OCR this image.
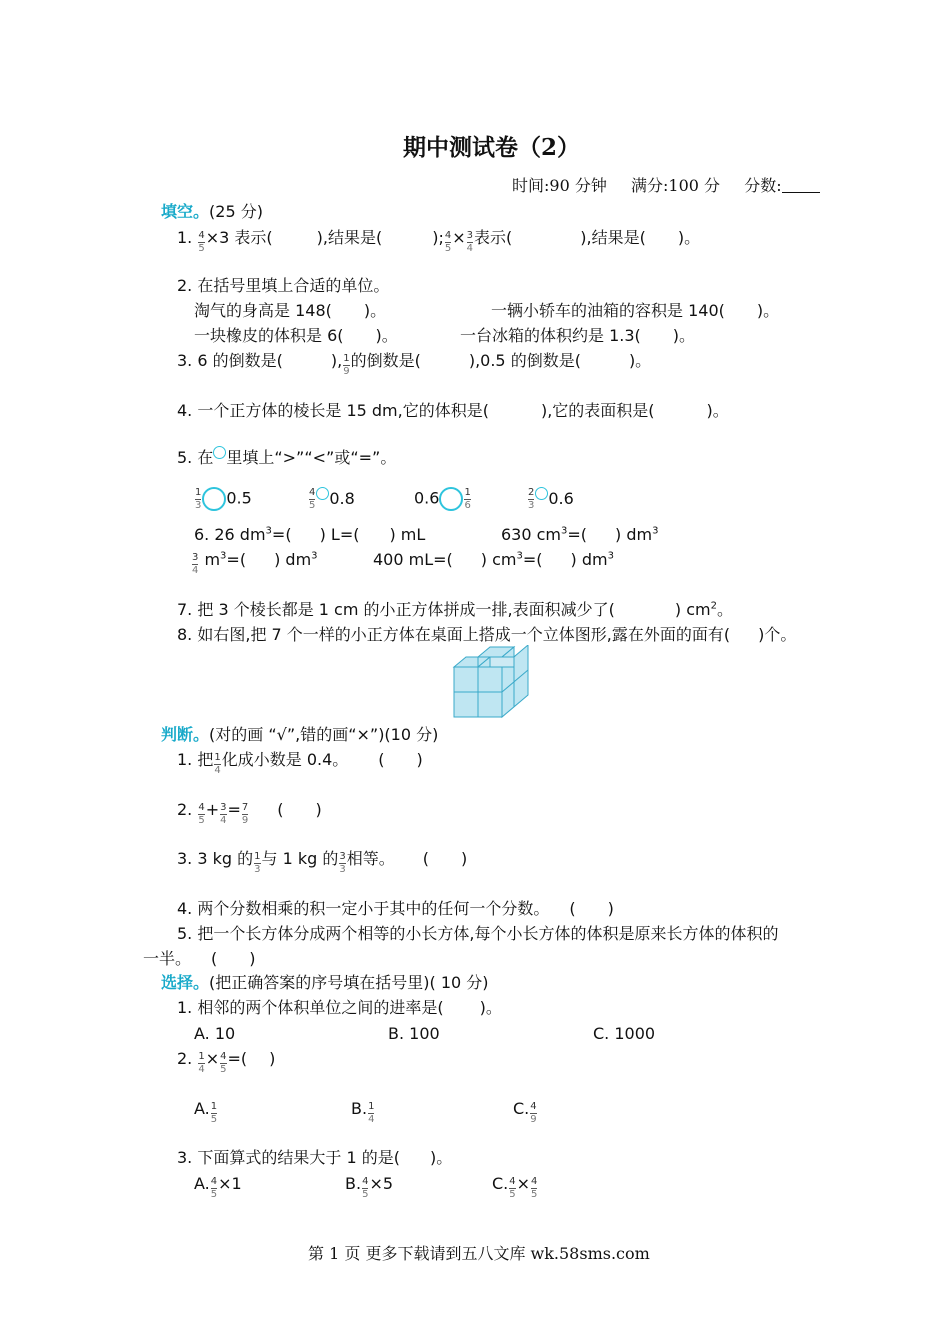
期中测试卷（2）
时间:90 分钟 满分:100 分 分数:
填空。(25 分)
1. $\frac{4}{5} \times 3$ 表示(	),结果是(	); $\frac{4}{5} \times \frac{3}{4}$ 表示(	),结果是( )。
2. 在括号里填上合适的单位。
淘气的身高是 148( )。	一辆小轿车的油箱的容积是 140( )。
一块橡皮的体积是 6( )。	一台冰箱的体积约是 1.3( )。
3. 6 的倒数是(	), $\frac{1}{9}$ 的倒数是(	),0.5 的倒数是(	)。
4. 一个正方体的棱长是 15 dm,它的体积是(	),它的表面积是(	)。
5. 在 里填上“>”“<”或“=”。
$\frac{1}{3} 0.5$	$\frac{4}{5} 0.8$	0.6	$\frac{1}{6}$	$\frac{2}{3} 0.6$
6. 26 $dm^3=$( ) L=( ) mL	630 $cm^3=$( ) $dm^3$
$\frac{3}{4} m^3=$( ) $dm^3$	400 mL=( ) $cm^3=$( ) $dm^3$
7. 把 3 个棱长都是 1 cm 的小正方体拼成一排,表面积减少了(	) $cm^2$。
8. 如右图,把 7 个一样的小正方体在桌面上搭成一个立体图形,露在外面的面有( )个。
判断。(对的画 “√”,错的画“×”)(10 分)
1. 把 $\frac{1}{4}$ 化成小数是 0.4。 (　　)
2. $\frac{4}{5} + \frac{3}{4} = \frac{7}{9}$ (　　)
3. 3 kg 的 $\frac{1}{3}$ 与 1 kg 的 $\frac{3}{3}$ 相等。 (　　)
4. 两个分数相乘的积一定小于其中的任何一个分数。 (　　)
5. 把一个长方体分成两个相等的小长方体,每个小长方体的体积是原来长方体的体积的
一半。 (　　)
选择。(把正确答案的序号填在括号里)( 10 分)
1. 相邻的两个体积单位之间的进率是( )。
A. 10	B. 100	C. 1000
2. $\frac{1}{4} \times \frac{4}{5}$ =( )
A. $\frac{1}{5}$	B. $\frac{1}{4}$	C. $\frac{4}{9}$
3. 下面算式的结果大于 1 的是( )。
A. $\frac{4}{5} \times 1$	B. $\frac{4}{5} \times 5$	C. $\frac{4}{5} \times \frac{4}{5}$
第 1 页 更多下载请到五八文库 wk.58sms.com
